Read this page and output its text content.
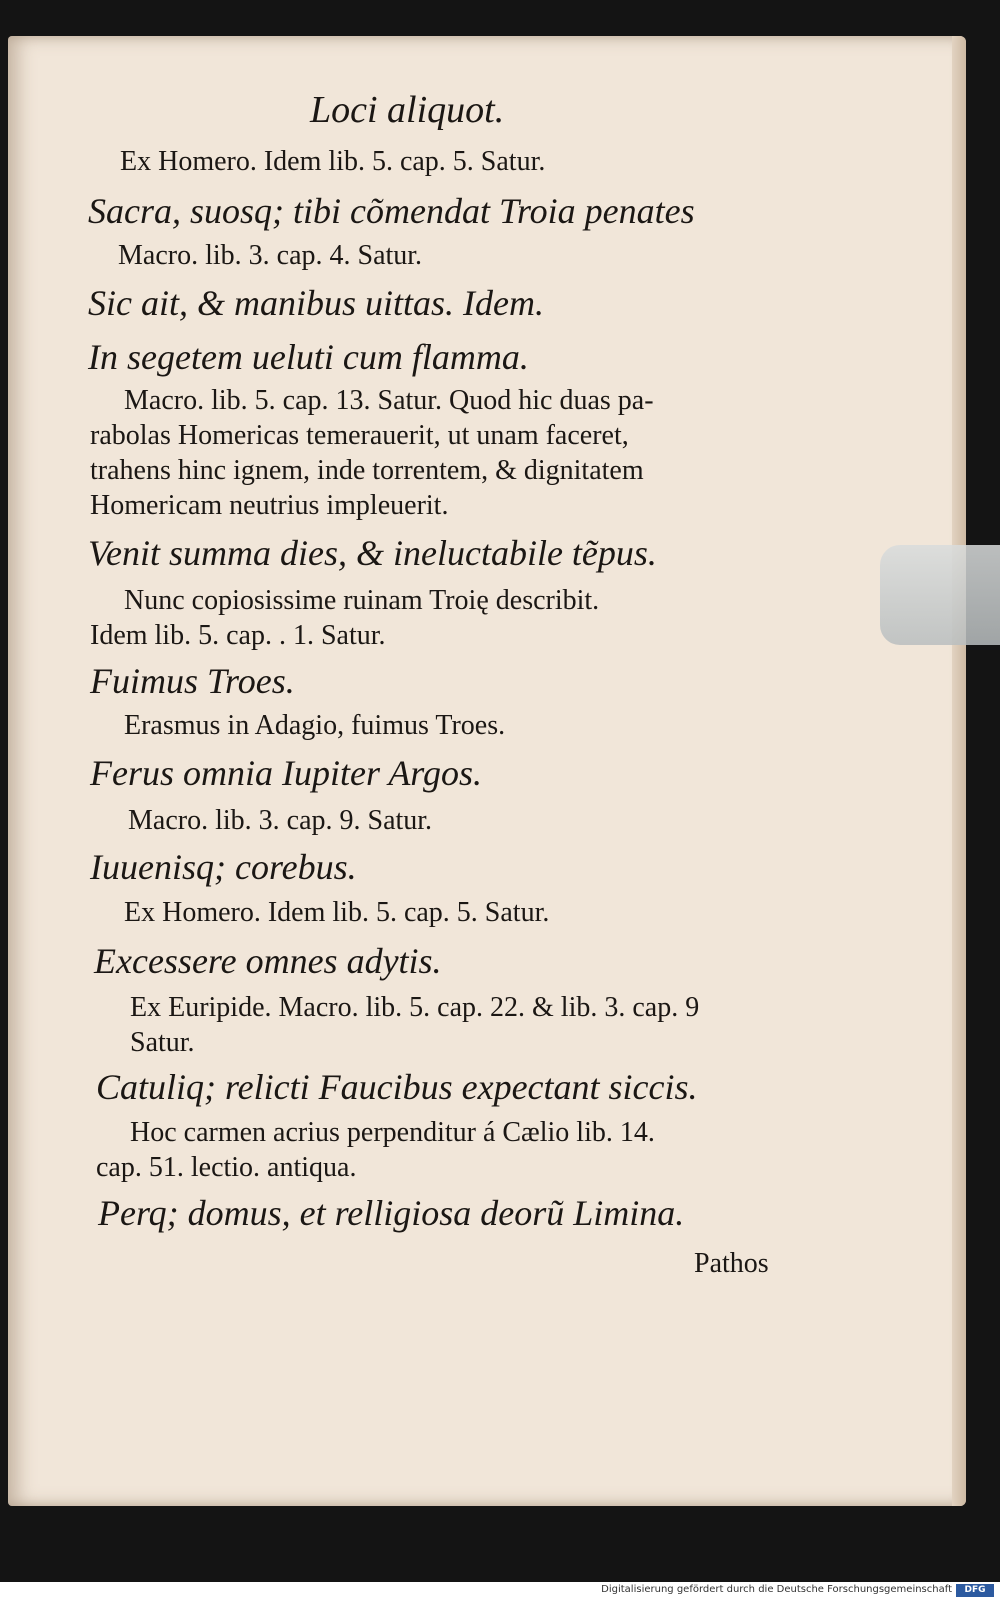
Loci aliquot.
Ex Homero. Idem lib. 5. cap. 5. Satur.
Sacra, suosq; tibi cõmendat Troia penates
Macro. lib. 3. cap. 4. Satur.
Sic ait, & manibus uittas. Idem.
In segetem ueluti cum flamma.
Macro. lib. 5. cap. 13. Satur. Quod hic duas pa-
rabolas Homericas temerauerit, ut unam faceret,
trahens hinc ignem, inde torrentem, & dignitatem
Homericam neutrius impleuerit.
Venit summa dies, & ineluctabile tẽpus.
Nunc copiosissime ruinam Troię describit.
Idem lib. 5. cap. . 1. Satur.
Fuimus Troes.
Erasmus in Adagio, fuimus Troes.
Ferus omnia Iupiter Argos.
Macro. lib. 3. cap. 9. Satur.
Iuuenisq; corebus.
Ex Homero. Idem lib. 5. cap. 5. Satur.
Excessere omnes adytis.
Ex Euripide. Macro. lib. 5. cap. 22. & lib. 3. cap. 9
Satur.
Catuliq; relicti Faucibus expectant siccis.
Hoc carmen acrius perpenditur á Cælio lib. 14.
cap. 51. lectio. antiqua.
Perq; domus, et relligiosa deorũ Limina.
Pathos
Digitalisierung gefördert durch die Deutsche Forschungsgemeinschaft	DFG
